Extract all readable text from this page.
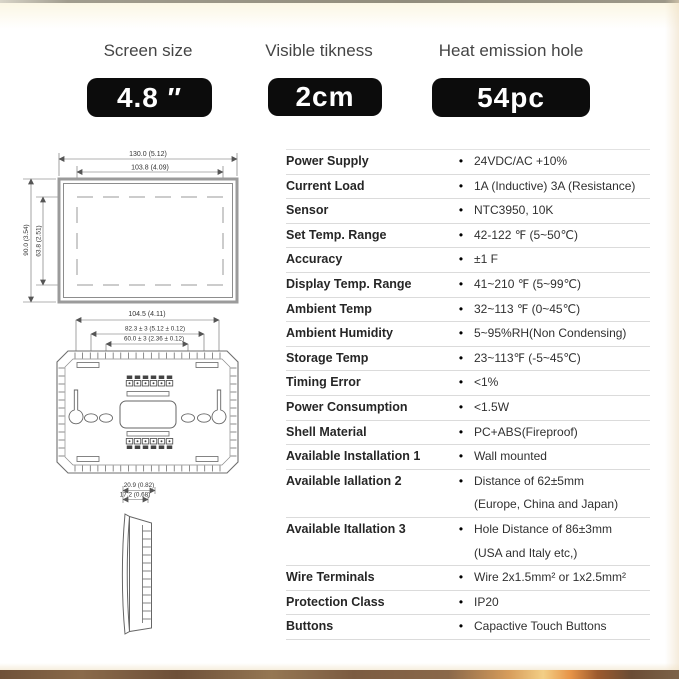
Screen size	Visible tikness	Heat emission hole
4.8 ″	2cm	54pc
130.0 (5.12)
103.8 (4.09)
90.0 (3.54) 63.8 (2.51)
104.5 (4.11)
82.3 ± 3 (5.12 ± 0.12)
60.0 ± 3 (2.36 ± 0.12)
20.9 (0.82)
17.2 (0.68)
Power Supply	• 24VDC/AC +10%
Current Load	• 1A (Inductive) 3A (Resistance)
Sensor	• NTC3950, 10K
Set Temp. Range	• 42-122 ℉ (5~50℃)
Accuracy	• ±1 F
Display Temp. Range	• 41~210 ℉ (5~99℃)
Ambient Temp	• 32~113 ℉ (0~45℃)
Ambient Humidity	• 5~95%RH(Non Condensing)
Storage Temp	• 23~113℉ (-5~45℃)
Timing Error	• <1%
Power Consumption	• <1.5W
Shell Material	• PC+ABS(Fireproof)
Available Installation 1	• Wall mounted
Available Iallation 2	• Distance of 62±5mm
(Europe, China and Japan)
Available Itallation 3	• Hole Distance of 86±3mm
(USA and Italy etc,)
Wire Terminals	• Wire 2x1.5mm² or 1x2.5mm²
Protection Class	• IP20
Buttons	• Capactive Touch Buttons
